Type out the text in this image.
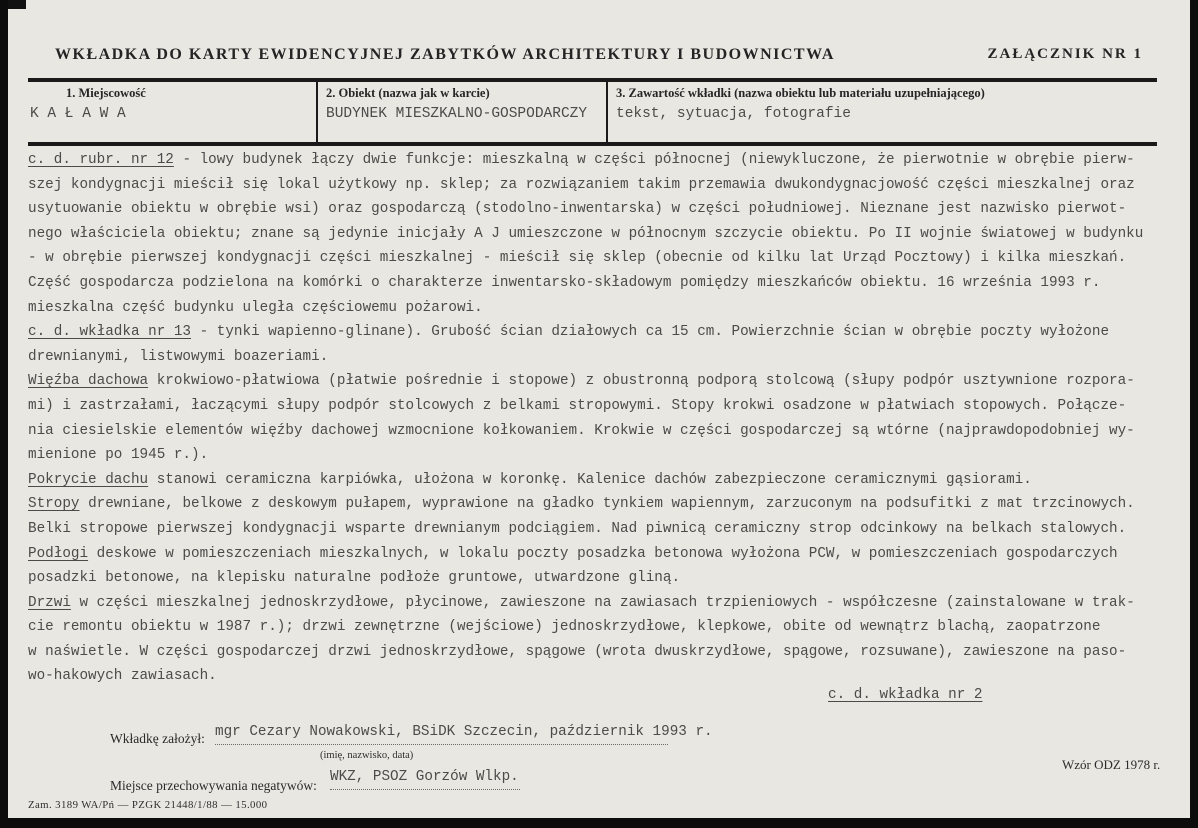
WKŁADKA DO KARTY EWIDENCYJNEJ ZABYTKÓW ARCHITEKTURY I BUDOWNICTWA	ZAŁĄCZNIK NR 1
1. Miejscowość
K A Ł A W A
2. Obiekt (nazwa jak w karcie)
BUDYNEK MIESZKALNO-GOSPODARCZY
3. Zawartość wkładki (nazwa obiektu lub materiału uzupełniającego)
tekst, sytuacja, fotografie
c. d. rubr. nr 12 - lowy budynek łączy dwie funkcje: mieszkalną w części północnej (niewykluczone, że pierwotnie w obrębie pierw-
szej kondygnacji mieścił się lokal użytkowy np. sklep; za rozwiązaniem takim przemawia dwukondygnacjowość części mieszkalnej oraz
usytuowanie obiektu w obrębie wsi) oraz gospodarczą (stodolno-inwentarska) w części południowej. Nieznane jest nazwisko pierwot-
nego właściciela obiektu; znane są jedynie inicjały A J umieszczone w północnym szczycie obiektu. Po II wojnie światowej w budynku
- w obrębie pierwszej kondygnacji części mieszkalnej - mieścił się sklep (obecnie od kilku lat Urząd Pocztowy) i kilka mieszkań.
Część gospodarcza podzielona na komórki o charakterze inwentarsko-składowym pomiędzy mieszkańców obiektu. 16 września 1993 r.
mieszkalna część budynku uległa częściowemu pożarowi.
c. d. wkładka nr 13 - tynki wapienno-glinane). Grubość ścian działowych ca 15 cm. Powierzchnie ścian w obrębie poczty wyłożone
drewnianymi, listwowymi boazeriami.
Więźba dachowa krokwiowo-płatwiowa (płatwie pośrednie i stopowe) z obustronną podporą stolcową (słupy podpór usztywnione rozpora-
mi) i zastrzałami, łaczącymi słupy podpór stolcowych z belkami stropowymi. Stopy krokwi osadzone w płatwiach stopowych. Połącze-
nia ciesielskie elementów więźby dachowej wzmocnione kołkowaniem. Krokwie w części gospodarczej są wtórne (najprawdopodobniej wy-
mienione po 1945 r.).
Pokrycie dachu stanowi ceramiczna karpiówka, ułożona w koronkę. Kalenice dachów zabezpieczone ceramicznymi gąsiorami.
Stropy drewniane, belkowe z deskowym pułapem, wyprawione na gładko tynkiem wapiennym, zarzuconym na podsufitki z mat trzcinowych.
Belki stropowe pierwszej kondygnacji wsparte drewnianym podciągiem. Nad piwnicą ceramiczny strop odcinkowy na belkach stalowych.
Podłogi deskowe w pomieszczeniach mieszkalnych, w lokalu poczty posadzka betonowa wyłożona PCW, w pomieszczeniach gospodarczych
posadzki betonowe, na klepisku naturalne podłoże gruntowe, utwardzone gliną.
Drzwi w części mieszkalnej jednoskrzydłowe, płycinowe, zawieszone na zawiasach trzpieniowych - współczesne (zainstalowane w trak-
cie remontu obiektu w 1987 r.); drzwi zewnętrzne (wejściowe) jednoskrzydłowe, klepkowe, obite od wewnątrz blachą, zaopatrzone
w naświetle. W części gospodarczej drzwi jednoskrzydłowe, spągowe (wrota dwuskrzydłowe, spągowe, rozsuwane), zawieszone na paso-
wo-hakowych zawiasach.
c. d. wkładka nr 2
Wkładkę założył: mgr Cezary Nowakowski, BSiDK Szczecin, październik 1993 r.
(imię, nazwisko, data)
Wzór ODZ 1978 r.
Miejsce przechowywania negatywów:
WKZ, PSOZ Gorzów Wlkp.
Zam. 3189 WA/Pń — PZGK 21448/1/88 — 15.000
